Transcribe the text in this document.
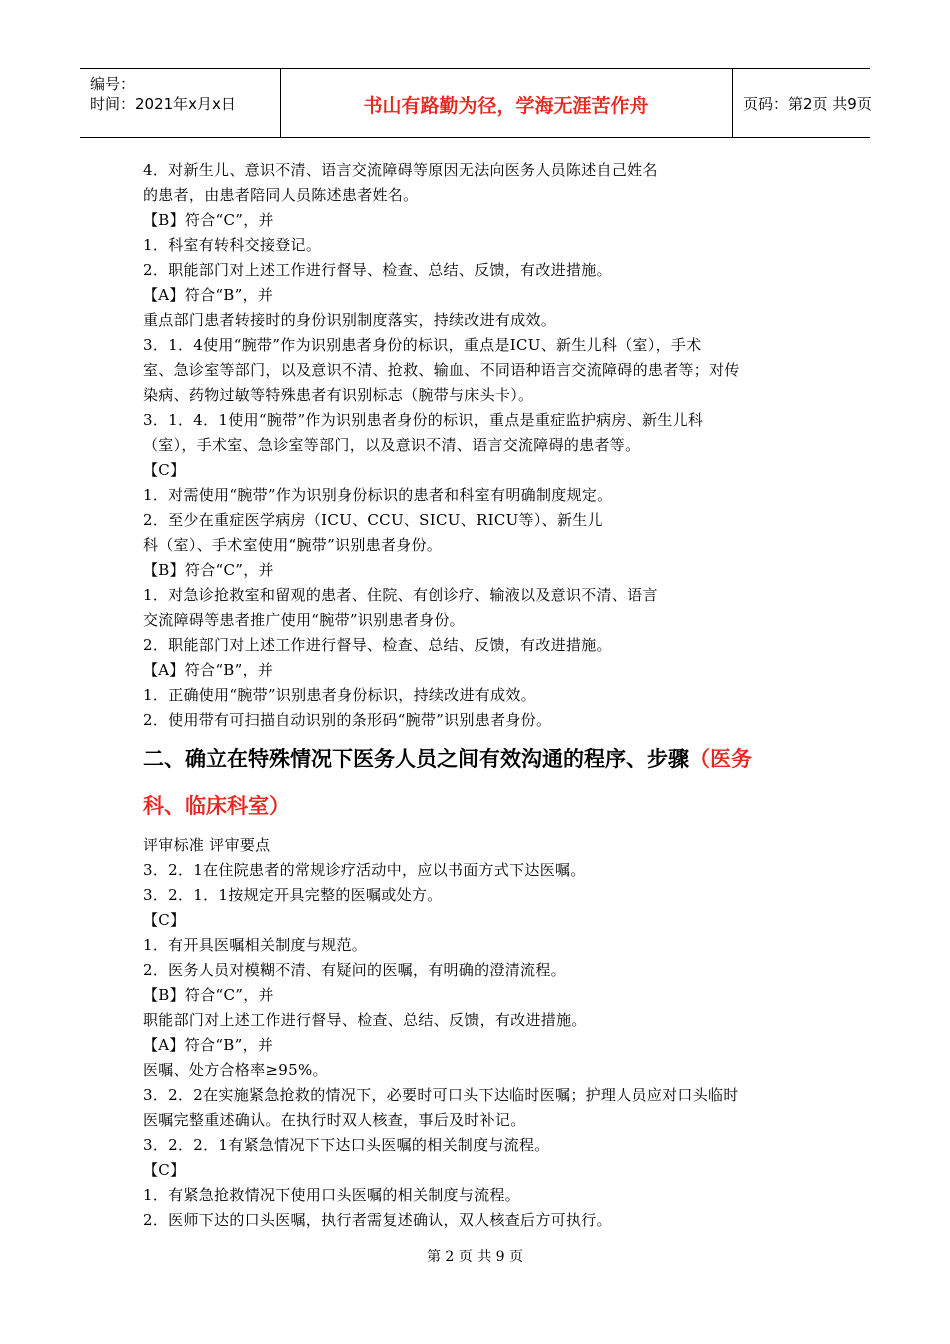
编号：
时间：2021年x月x日	书山有路勤为径，学海无涯苦作舟	页码：第2页 共9页
4．对新生儿、意识不清、语言交流障碍等原因无法向医务人员陈述自己姓名
的患者，由患者陪同人员陈述患者姓名。
【B】符合“C”，并
1．科室有转科交接登记。
2．职能部门对上述工作进行督导、检查、总结、反馈，有改进措施。
【A】符合“B”，并
重点部门患者转接时的身份识别制度落实，持续改进有成效。
3．1．4使用“腕带”作为识别患者身份的标识，重点是ICU、新生儿科（室），手术
室、急诊室等部门，以及意识不清、抢救、输血、不同语种语言交流障碍的患者等；对传
染病、药物过敏等特殊患者有识别标志（腕带与床头卡）。
3．1．4．1使用“腕带”作为识别患者身份的标识，重点是重症监护病房、新生儿科
（室），手术室、急诊室等部门，以及意识不清、语言交流障碍的患者等。
【C】
1．对需使用“腕带”作为识别身份标识的患者和科室有明确制度规定。
2．至少在重症医学病房（ICU、CCU、SICU、RICU等）、新生儿
科（室）、手术室使用“腕带”识别患者身份。
【B】符合“C”，并
1．对急诊抢救室和留观的患者、住院、有创诊疗、输液以及意识不清、语言
交流障碍等患者推广使用“腕带”识别患者身份。
2．职能部门对上述工作进行督导、检查、总结、反馈，有改进措施。
【A】符合“B”，并
1．正确使用“腕带”识别患者身份标识，持续改进有成效。
2．使用带有可扫描自动识别的条形码“腕带”识别患者身份。
二、确立在特殊情况下医务人员之间有效沟通的程序、步骤（医务
科、临床科室）
评审标准 评审要点
3．2．1在住院患者的常规诊疗活动中，应以书面方式下达医嘱。
3．2．1．1按规定开具完整的医嘱或处方。
【C】
1．有开具医嘱相关制度与规范。
2．医务人员对模糊不清、有疑问的医嘱，有明确的澄清流程。
【B】符合“C”，并
职能部门对上述工作进行督导、检查、总结、反馈，有改进措施。
【A】符合“B”，并
医嘱、处方合格率≥95%。
3．2．2在实施紧急抢救的情况下，必要时可口头下达临时医嘱；护理人员应对口头临时
医嘱完整重述确认。在执行时双人核查，事后及时补记。
3．2．2．1有紧急情况下下达口头医嘱的相关制度与流程。
【C】
1．有紧急抢救情况下使用口头医嘱的相关制度与流程。
2．医师下达的口头医嘱，执行者需复述确认，双人核查后方可执行。
第 2 页 共 9 页
